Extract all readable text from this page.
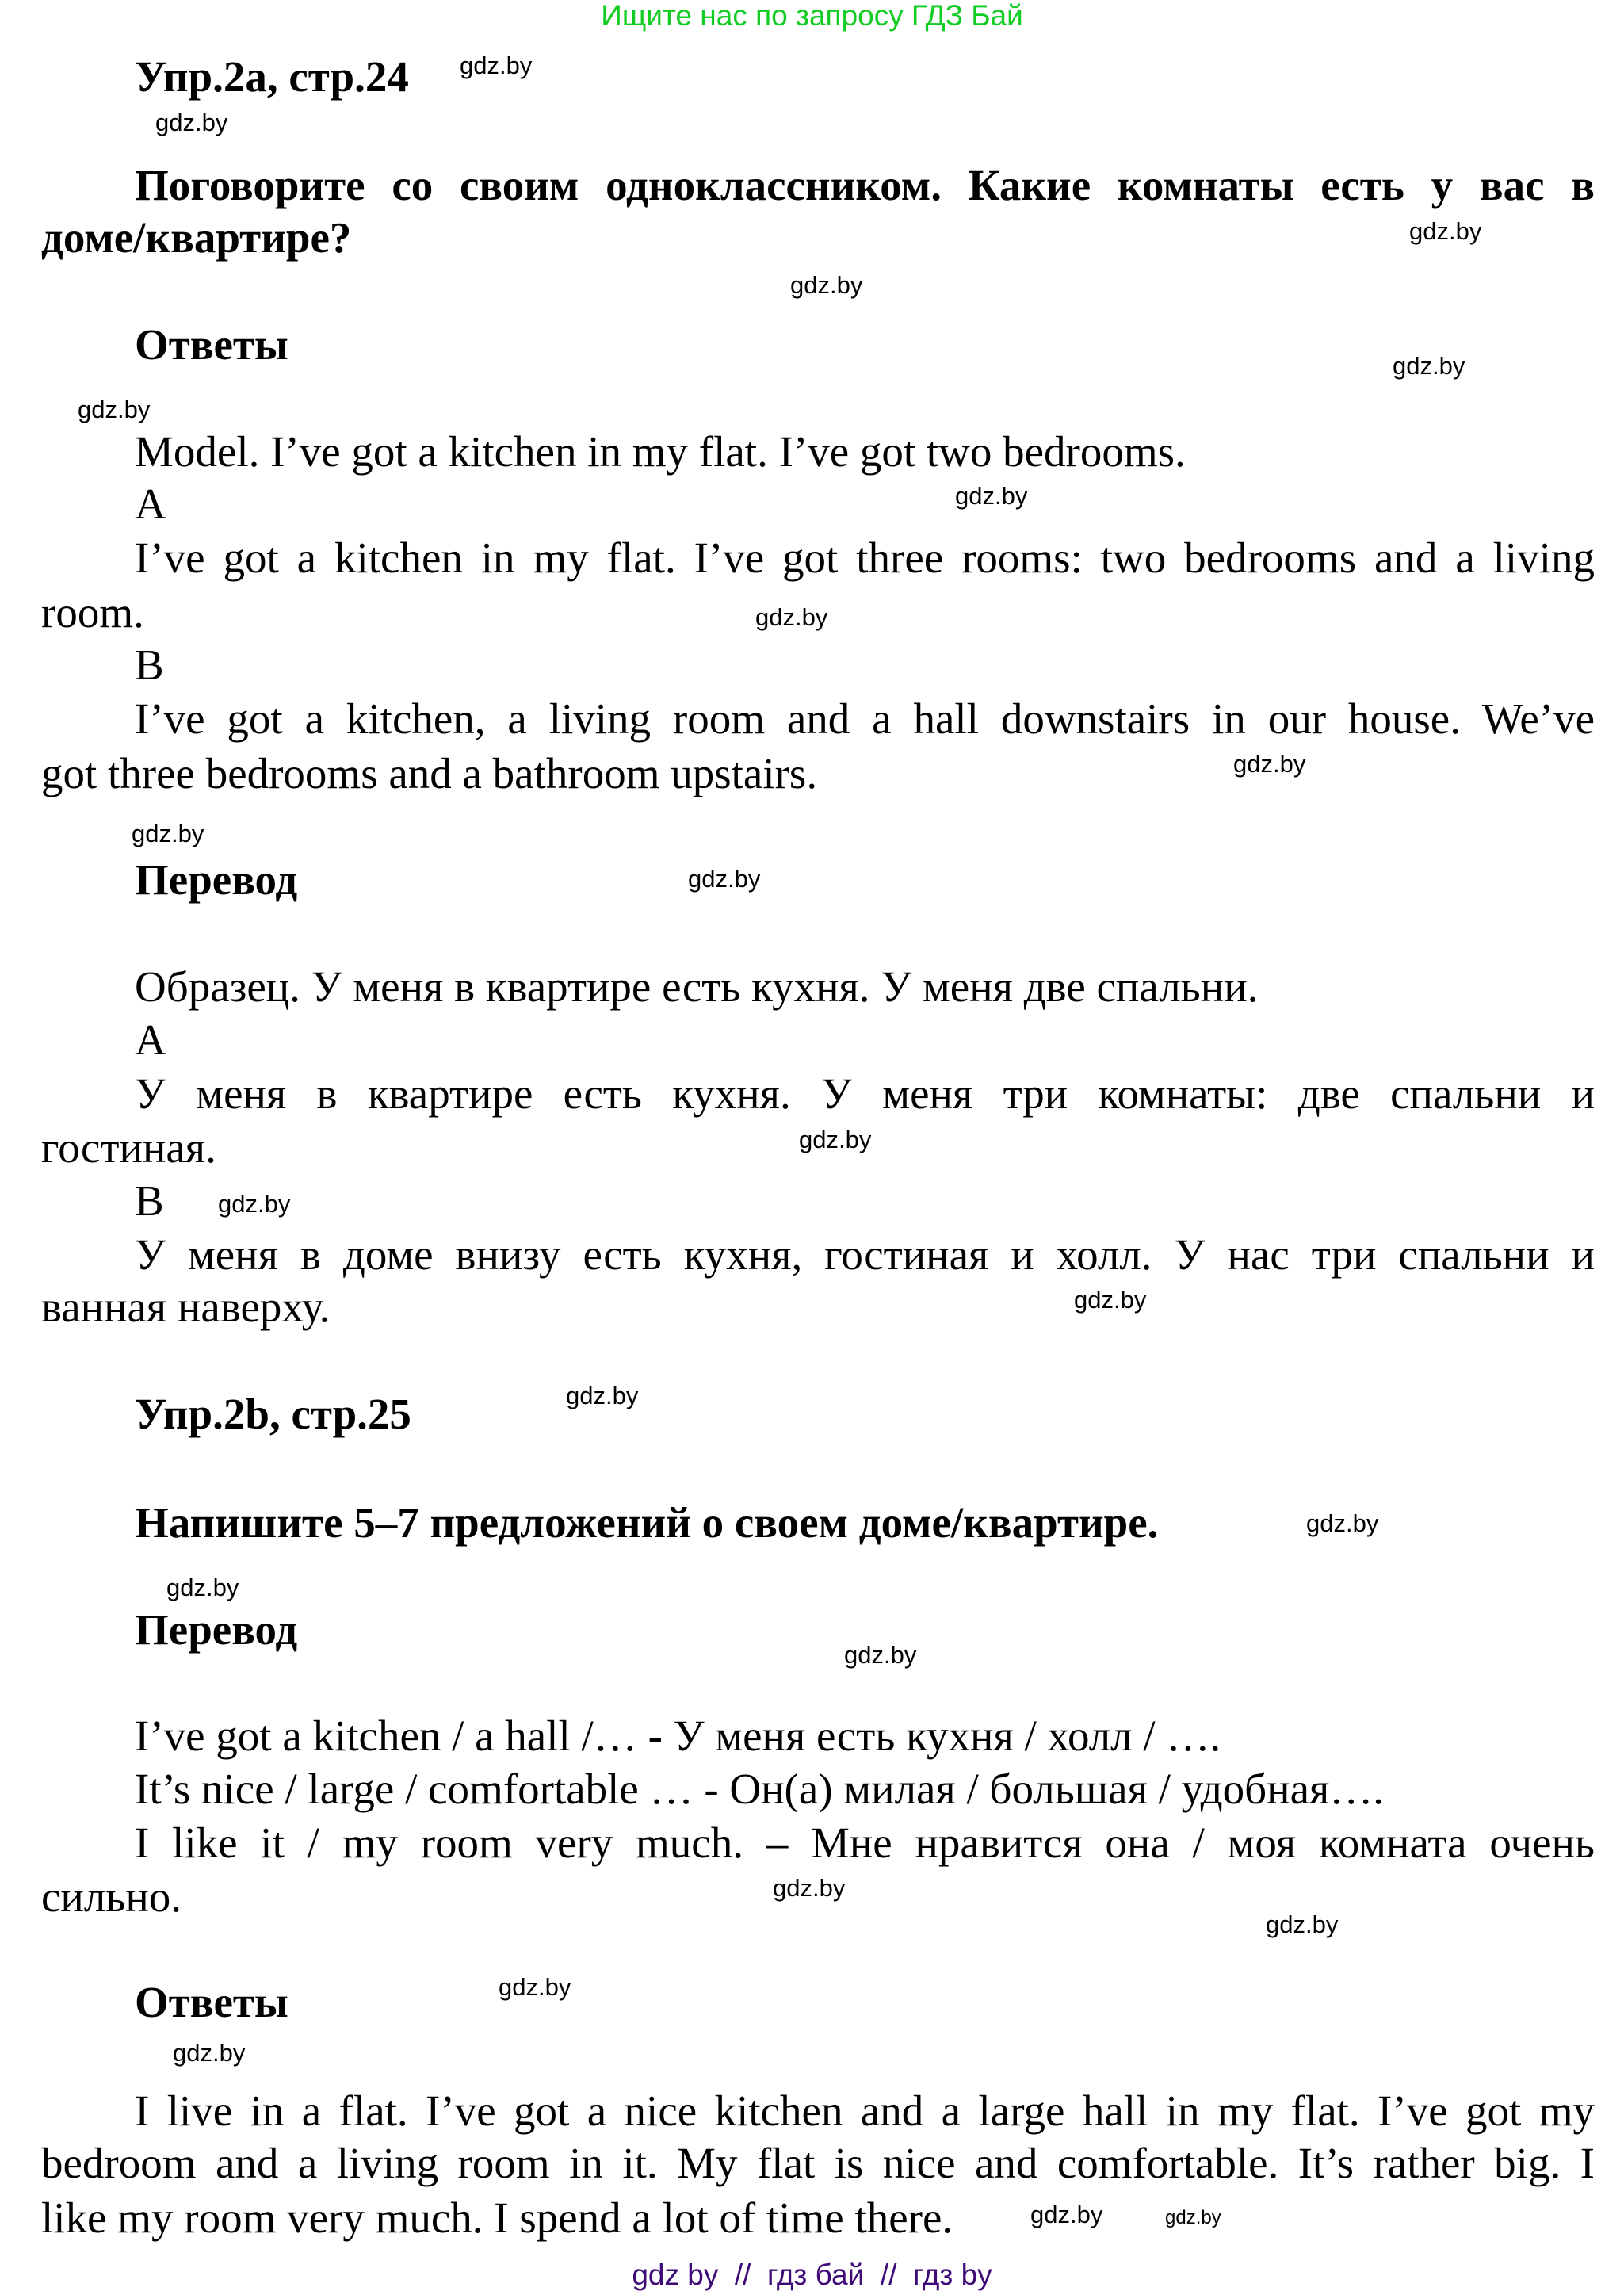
Ищите нас по запросу ГДЗ Бай
Упр.2а, стр.24
Поговорите со своим одноклассником. Какие комнаты есть у вас в
доме/квартире?
Ответы
Model. I’ve got a kitchen in my flat. I’ve got two bedrooms.
A
I’ve got a kitchen in my flat. I’ve got three rooms: two bedrooms and a living
room.
B
I’ve got a kitchen, a living room and a hall downstairs in our house. We’ve
got three bedrooms and a bathroom upstairs.
Перевод
Образец. У меня в квартире есть кухня. У меня две спальни.
A
У меня в квартире есть кухня. У меня три комнаты: две спальни и
гостиная.
B
У меня в доме внизу есть кухня, гостиная и холл. У нас три спальни и
ванная наверху.
Упр.2b, стр.25
Напишите 5–7 предложений о своем доме/квартире.
Перевод
I’ve got a kitchen / a hall /… - У меня есть кухня / холл / ….
It’s nice / large / comfortable … - Он(а) милая / большая / удобная….
I like it / my room very much. – Мне нравится она / моя комната очень
сильно.
Ответы
I live in a flat. I’ve got a nice kitchen and a large hall in my flat. I’ve got my
bedroom and a living room in it. My flat is nice and comfortable. It’s rather big. I
like my room very much. I spend a lot of time there.
gdz.by
gdz.by
gdz.by
gdz.by
gdz.by
gdz.by
gdz.by
gdz.by
gdz.by
gdz.by
gdz.by
gdz.by
gdz.by
gdz.by
gdz.by
gdz.by
gdz.by
gdz.by
gdz.by
gdz.by
gdz.by
gdz.by
gdz.by
gdz.by
gdz by  //  гдз бай  //  гдз by
